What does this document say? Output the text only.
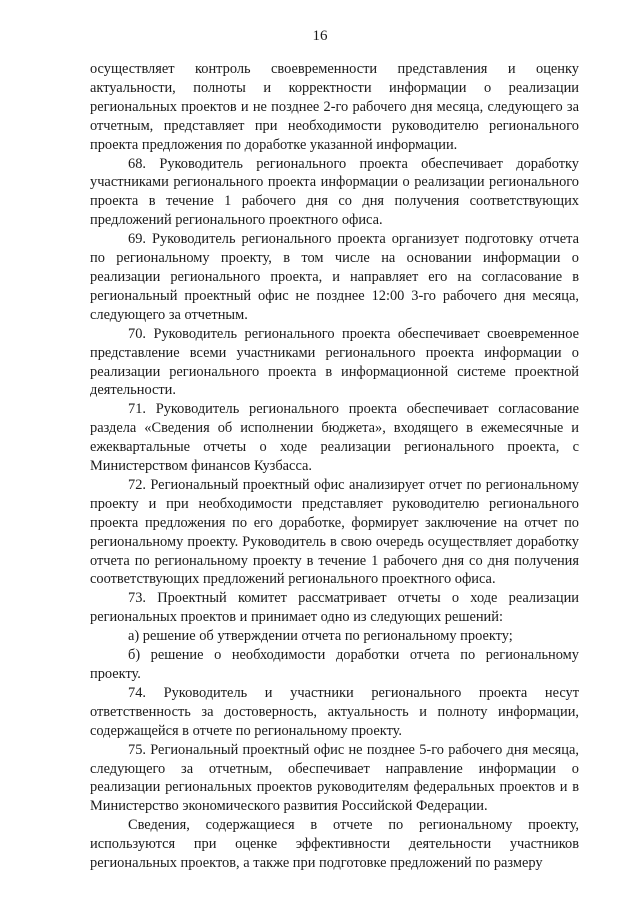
16

осуществляет контроль своевременности представления и оценку актуальности, полноты и корректности информации о реализации региональных проектов и не позднее 2-го рабочего дня месяца, следующего за отчетным, представляет при необходимости руководителю регионального проекта предложения по доработке указанной информации.

68. Руководитель регионального проекта обеспечивает доработку участниками регионального проекта информации о реализации регионального проекта в течение 1 рабочего дня со дня получения соответствующих предложений регионального проектного офиса.

69. Руководитель регионального проекта организует подготовку отчета по региональному проекту, в том числе на основании информации о реализации регионального проекта, и направляет его на согласование в региональный проектный офис не позднее 12:00 3-го рабочего дня месяца, следующего за отчетным.

70. Руководитель регионального проекта обеспечивает своевременное представление всеми участниками регионального проекта информации о реализации регионального проекта в информационной системе проектной деятельности.

71. Руководитель регионального проекта обеспечивает согласование раздела «Сведения об исполнении бюджета», входящего в ежемесячные и ежеквартальные отчеты о ходе реализации регионального проекта, с Министерством финансов Кузбасса.

72. Региональный проектный офис анализирует отчет по региональному проекту и при необходимости представляет руководителю регионального проекта предложения по его доработке, формирует заключение на отчет по региональному проекту. Руководитель в свою очередь осуществляет доработку отчета по региональному проекту в течение 1 рабочего дня со дня получения соответствующих предложений регионального проектного офиса.

73. Проектный комитет рассматривает отчеты о ходе реализации региональных проектов и принимает одно из следующих решений:

а) решение об утверждении отчета по региональному проекту;

б) решение о необходимости доработки отчета по региональному проекту.

74. Руководитель и участники регионального проекта несут ответственность за достоверность, актуальность и полноту информации, содержащейся в отчете по региональному проекту.

75. Региональный проектный офис не позднее 5-го рабочего дня месяца, следующего за отчетным, обеспечивает направление информации о реализации региональных проектов руководителям федеральных проектов и в Министерство экономического развития Российской Федерации.

Сведения, содержащиеся в отчете по региональному проекту, используются при оценке эффективности деятельности участников региональных проектов, а также при подготовке предложений по размеру
